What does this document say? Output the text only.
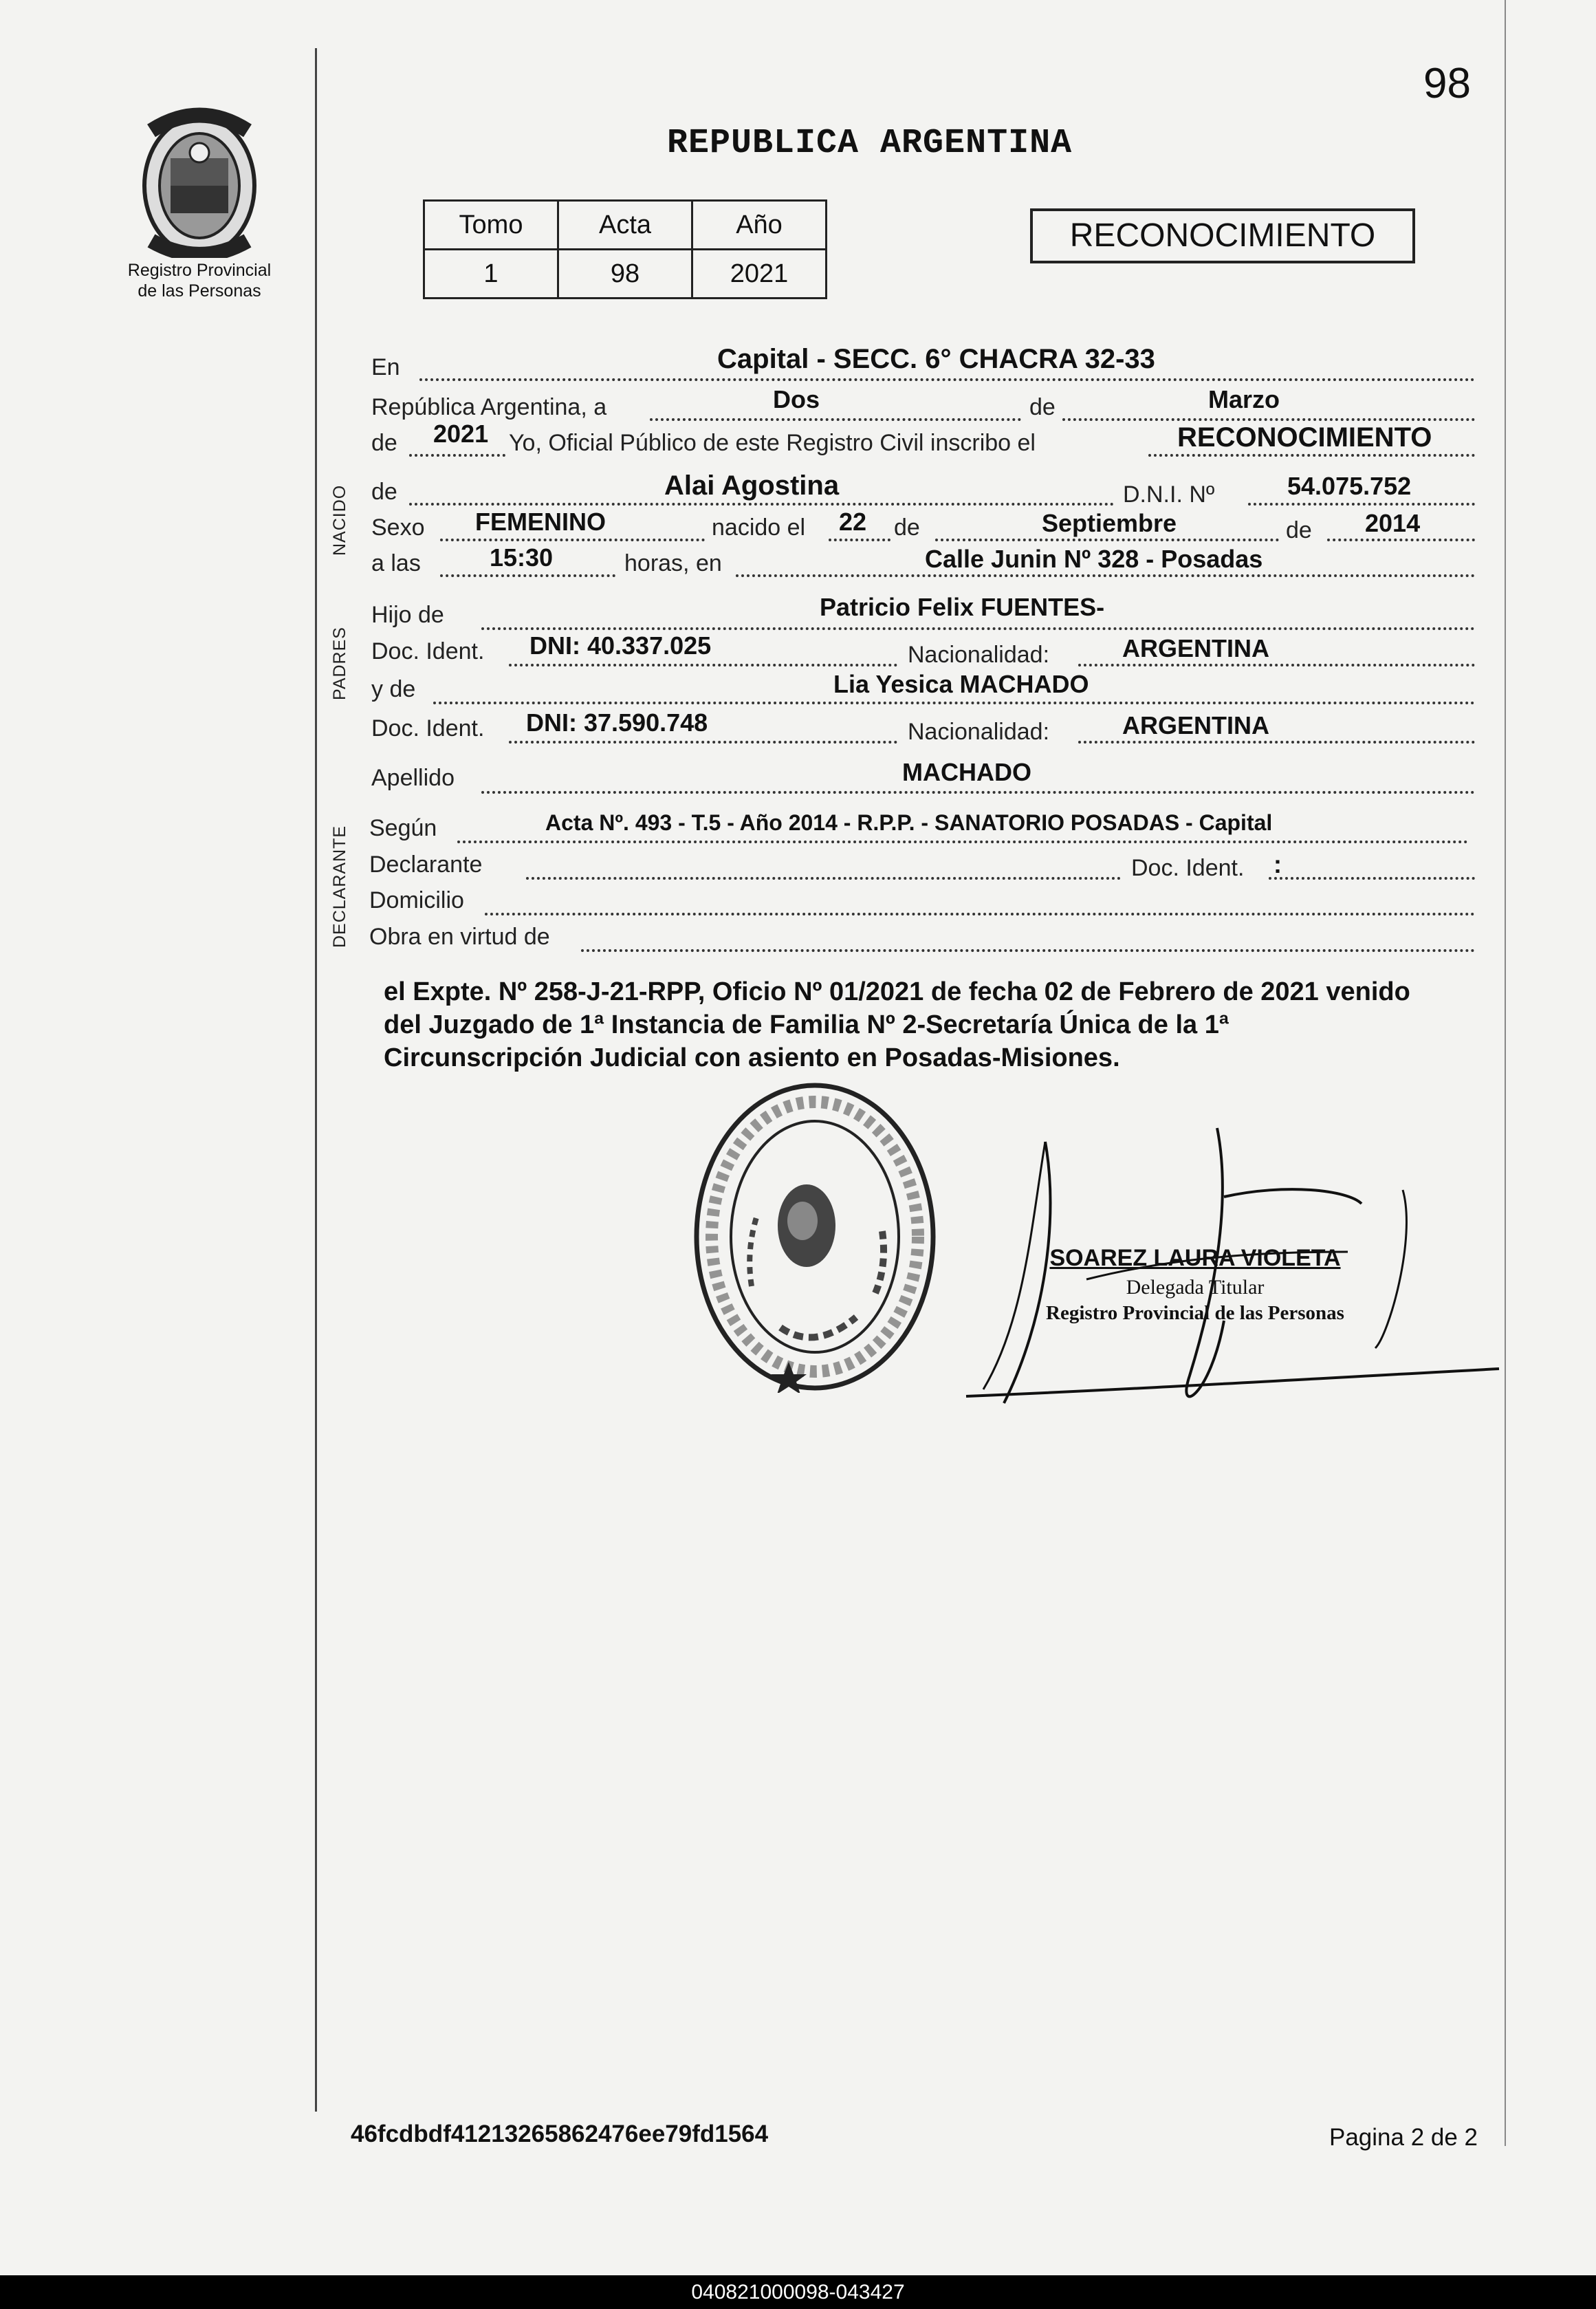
Registro Provincial
de las Personas
98
REPUBLICA ARGENTINA
Tomo	Acta	Año
1	98	2021
RECONOCIMIENTO
NACIDO
PADRES
DECLARANTE
En	Capital - SECC. 6° CHACRA 32-33
República Argentina, a	Dos	de	Marzo
de 2021 Yo, Oficial Público de este Registro Civil inscribo el	RECONOCIMIENTO
de	Alai Agostina	D.N.I. Nº	54.075.752
Sexo FEMENINO	nacido el 22 de	Septiembre	de 2014
a las	15:30	horas, en	Calle Junin Nº 328 - Posadas
Hijo de	Patricio Felix FUENTES-
Doc. Ident. DNI: 40.337.025	Nacionalidad:	ARGENTINA
y de	Lia Yesica MACHADO
Doc. Ident. DNI: 37.590.748	Nacionalidad:	ARGENTINA
Apellido	MACHADO
Según	Acta Nº. 493 - T.5 - Año 2014 - R.P.P. - SANATORIO POSADAS - Capital
Declarante	Doc. Ident. :
Domicilio
Obra en virtud de
el Expte. Nº 258-J-21-RPP, Oficio Nº 01/2021 de fecha 02 de Febrero de 2021 venido del Juzgado de 1ª Instancia de Familia Nº 2-Secretaría Única de la 1ª Circunscripción Judicial con asiento en Posadas-Misiones.
SOAREZ LAURA VIOLETA
Delegada Titular
Registro Provincial de las Personas
46fcdbdf41213265862476ee79fd1564	Pagina 2 de 2
040821000098-043427
